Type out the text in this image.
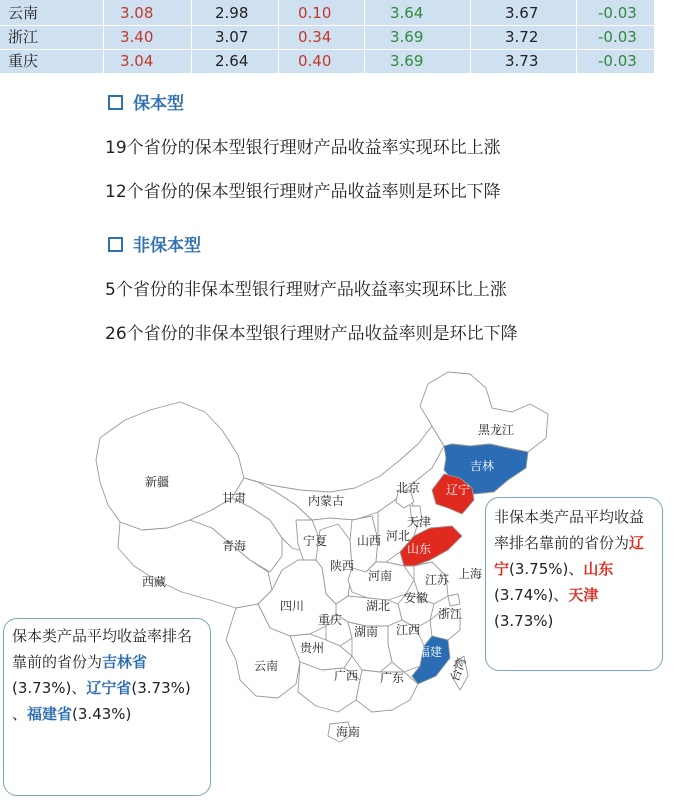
云南	3.08	2.98	0.10	3.64	3.67	-0.03
浙江	3.40	3.07	0.34	3.69	3.72	-0.03
重庆	3.04	2.64	0.40	3.69	3.73	-0.03
保本型
19个省份的保本型银行理财产品收益率实现环比上涨
12个省份的保本型银行理财产品收益率则是环比下降
非保本型
5个省份的非保本型银行理财产品收益率实现环比上涨
26个省份的非保本型银行理财产品收益率则是环比下降
黑龙江
吉林
辽宁
北京
天津
河北
山东
内蒙古
新疆
甘肃
青海
西藏
宁夏
陕西
山西
河南	江苏 上海
安徽
湖北
四川
重庆	浙江
江西
湖南
贵州	福建
云南
广西 广东	台湾
海南
非保本类产品平均收益率排名靠前的省份为辽宁(3.75%)、山东(3.74%)、天津(3.73%)
保本类产品平均收益率排名靠前的省份为吉林省(3.73%)、辽宁省(3.73%) 、福建省(3.43%)
